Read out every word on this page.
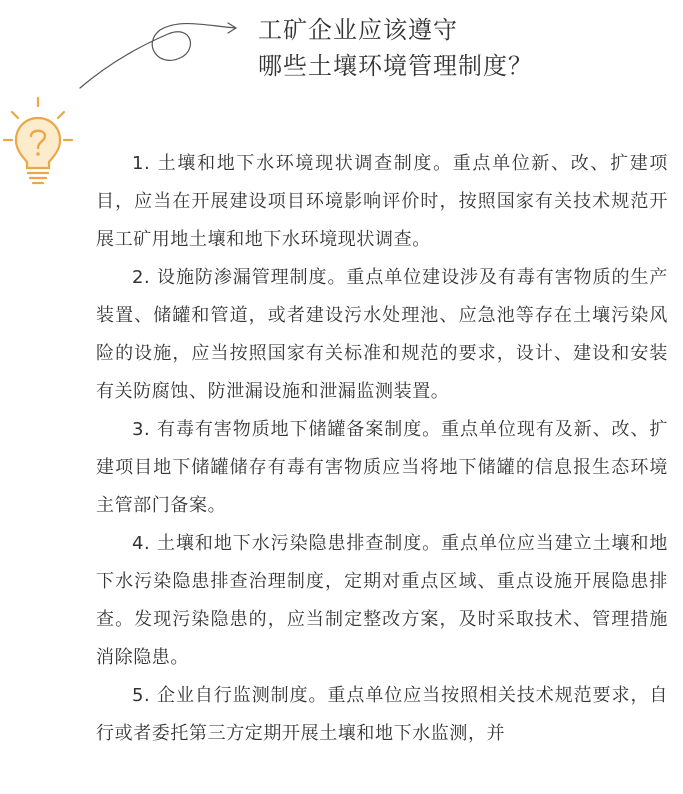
工矿企业应该遵守
哪些土壤环境管理制度？

1. 土壤和地下水环境现状调查制度。重点单位新、改、扩建项目，应当在开展建设项目环境影响评价时，按照国家有关技术规范开展工矿用地土壤和地下水环境现状调查。

2. 设施防渗漏管理制度。重点单位建设涉及有毒有害物质的生产装置、储罐和管道，或者建设污水处理池、应急池等存在土壤污染风险的设施，应当按照国家有关标准和规范的要求，设计、建设和安装有关防腐蚀、防泄漏设施和泄漏监测装置。

3. 有毒有害物质地下储罐备案制度。重点单位现有及新、改、扩建项目地下储罐储存有毒有害物质应当将地下储罐的信息报生态环境主管部门备案。

4. 土壤和地下水污染隐患排查制度。重点单位应当建立土壤和地下水污染隐患排查治理制度，定期对重点区域、重点设施开展隐患排查。发现污染隐患的，应当制定整改方案，及时采取技术、管理措施消除隐患。

5. 企业自行监测制度。重点单位应当按照相关技术规范要求，自行或者委托第三方定期开展土壤和地下水监测，并
